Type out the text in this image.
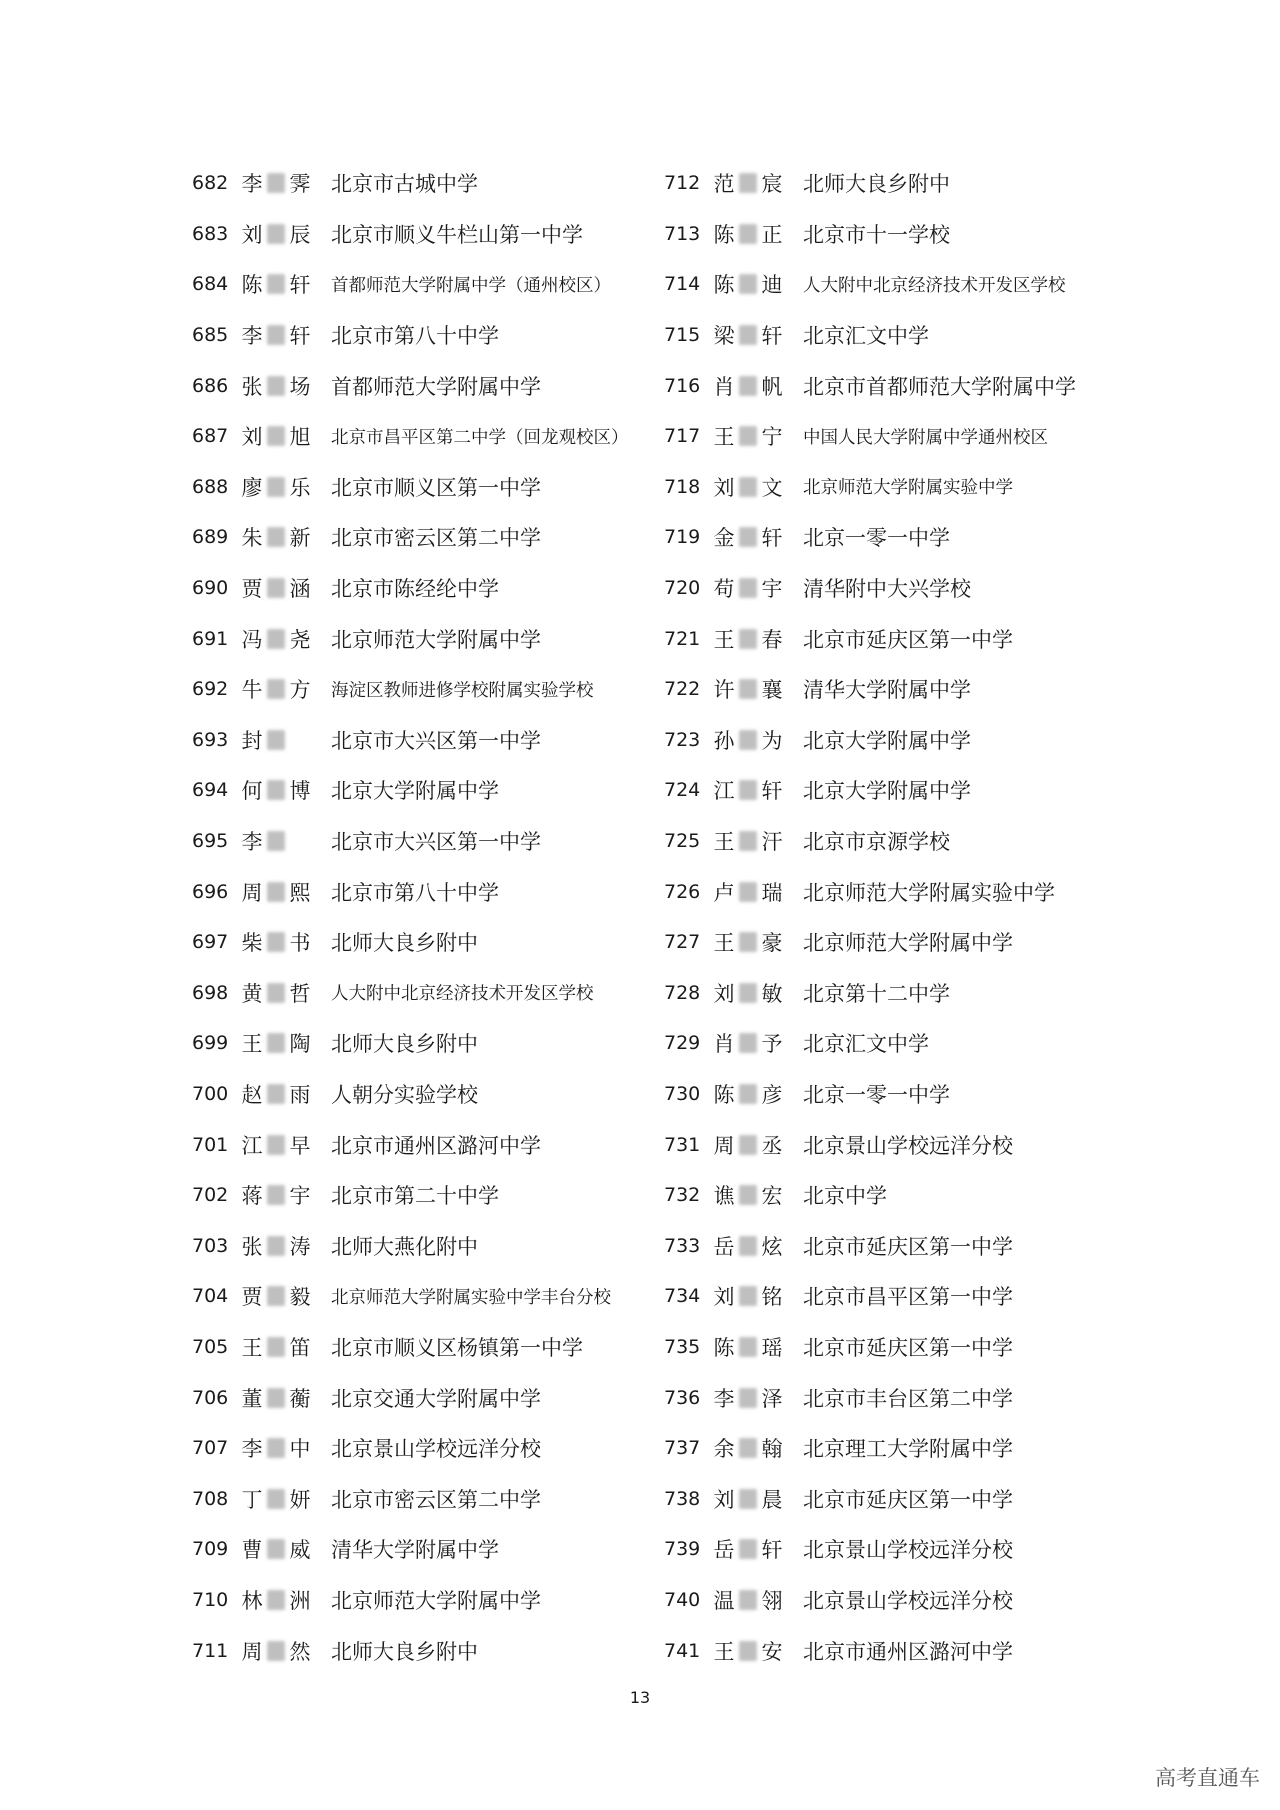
682 李 霁 北京市古城中学
683 刘 辰 北京市顺义牛栏山第一中学
684 陈 轩 首都师范大学附属中学（通州校区）
685 李 轩 北京市第八十中学
686 张 场 首都师范大学附属中学
687 刘 旭 北京市昌平区第二中学（回龙观校区）
688 廖 乐 北京市顺义区第一中学
689 朱 新 北京市密云区第二中学
690 贾 涵 北京市陈经纶中学
691 冯 尧 北京师范大学附属中学
692 牛 方 海淀区教师进修学校附属实验学校
693 封	北京市大兴区第一中学
694 何 博 北京大学附属中学
695 李	北京市大兴区第一中学
696 周 熙 北京市第八十中学
697 柴 书 北师大良乡附中
698 黄 哲 人大附中北京经济技术开发区学校
699 王 陶 北师大良乡附中
700 赵 雨 人朝分实验学校
701 江 早 北京市通州区潞河中学
702 蒋 宇 北京市第二十中学
703 张 涛 北师大燕化附中
704 贾 毅 北京师范大学附属实验中学丰台分校
705 王 笛 北京市顺义区杨镇第一中学
706 董 蘅 北京交通大学附属中学
707 李 中 北京景山学校远洋分校
708 丁 妍 北京市密云区第二中学
709 曹 威 清华大学附属中学
710 林 洲 北京师范大学附属中学
711 周 然 北师大良乡附中
712 范 宸 北师大良乡附中
713 陈 正 北京市十一学校
714 陈 迪 人大附中北京经济技术开发区学校
715 梁 轩 北京汇文中学
716 肖 帆 北京市首都师范大学附属中学
717 王 宁 中国人民大学附属中学通州校区
718 刘 文 北京师范大学附属实验中学
719 金 轩 北京一零一中学
720 苟 宇 清华附中大兴学校
721 王 春 北京市延庆区第一中学
722 许 襄 清华大学附属中学
723 孙 为 北京大学附属中学
724 江 轩 北京大学附属中学
725 王 汗 北京市京源学校
726 卢 瑞 北京师范大学附属实验中学
727 王 豪 北京师范大学附属中学
728 刘 敏 北京第十二中学
729 肖 予 北京汇文中学
730 陈 彦 北京一零一中学
731 周 丞 北京景山学校远洋分校
732 谯 宏 北京中学
733 岳 炫 北京市延庆区第一中学
734 刘 铭 北京市昌平区第一中学
735 陈 瑶 北京市延庆区第一中学
736 李 泽 北京市丰台区第二中学
737 余 翰 北京理工大学附属中学
738 刘 晨 北京市延庆区第一中学
739 岳 轩 北京景山学校远洋分校
740 温 翎 北京景山学校远洋分校
741 王 安 北京市通州区潞河中学
13
高考直通车
